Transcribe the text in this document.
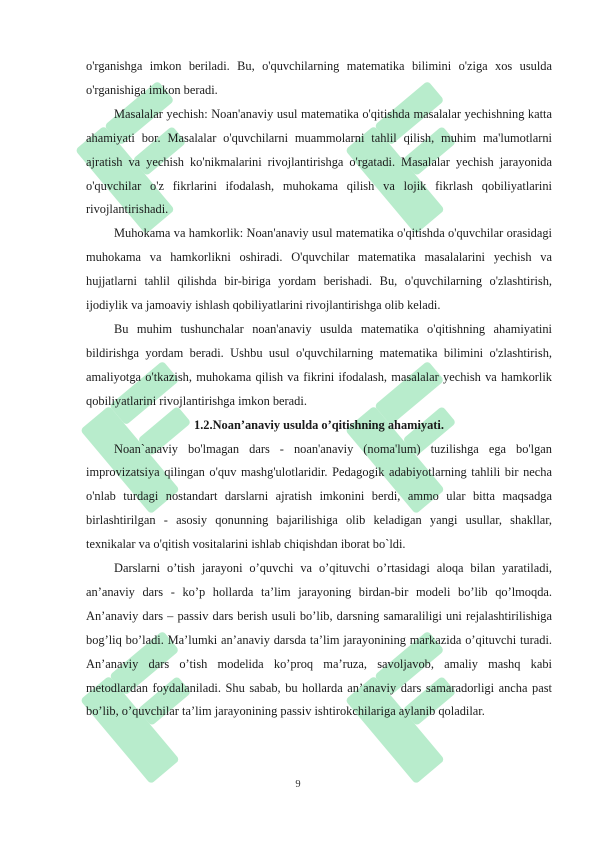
o'rganishga imkon beriladi. Bu, o'quvchilarning matematika bilimini o'ziga xos usulda o'rganishiga imkon beradi.

Masalalar yechish: Noan'anaviy usul matematika o'qitishda masalalar yechishning katta ahamiyati bor. Masalalar o'quvchilarni muammolarni tahlil qilish, muhim ma'lumotlarni ajratish va yechish ko'nikmalarini rivojlantirishga o'rgatadi. Masalalar yechish jarayonida o'quvchilar o'z fikrlarini ifodalash, muhokama qilish va lojik fikrlash qobiliyatlarini rivojlantirishadi.

Muhokama va hamkorlik: Noan'anaviy usul matematika o'qitishda o'quvchilar orasidagi muhokama va hamkorlikni oshiradi. O'quvchilar matematika masalalarini yechish va hujjatlarni tahlil qilishda bir-biriga yordam berishadi. Bu, o'quvchilarning o'zlashtirish, ijodiylik va jamoaviy ishlash qobiliyatlarini rivojlantirishga olib keladi.

Bu muhim tushunchalar noan'anaviy usulda matematika o'qitishning ahamiyatini bildirishga yordam beradi. Ushbu usul o'quvchilarning matematika bilimini o'zlashtirish, amaliyotga o'tkazish, muhokama qilish va fikrini ifodalash, masalalar yechish va hamkorlik qobiliyatlarini rivojlantirishga imkon beradi.

1.2.Noan’anaviy usulda o’qitishning ahamiyati.

Noan`anaviy bo'lmagan dars - noan'anaviy (noma'lum) tuzilishga ega bo'lgan improvizatsiya qilingan o'quv mashg'ulotlaridir. Pedagogik adabiyotlarning tahlili bir necha o'nlab turdagi nostandart darslarni ajratish imkonini berdi, ammo ular bitta maqsadga birlashtirilgan - asosiy qonunning bajarilishiga olib keladigan yangi usullar, shakllar, texnikalar va o'qitish vositalarini ishlab chiqishdan iborat bo`ldi.

Darslarni o’tish jarayoni o’quvchi va o’qituvchi o’rtasidagi aloqa bilan yaratiladi, an’anaviy dars - ko’p hollarda ta’lim jarayoning birdan-bir modeli bo’lib qo’lmoqda. An’anaviy dars – passiv dars berish usuli bo’lib, darsning samaraliligi uni rejalashtirilishiga bog’liq bo’ladi. Ma’lumki an’anaviy darsda ta’lim jarayonining markazida o’qituvchi turadi. An’anaviy dars o’tish modelida ko’proq ma’ruza, savoljavob, amaliy mashq kabi metodlardan foydalaniladi. Shu sabab, bu hollarda an’anaviy dars samaradorligi ancha past bo’lib, o’quvchilar ta’lim jarayonining passiv ishtirokchilariga aylanib qoladilar.

9
